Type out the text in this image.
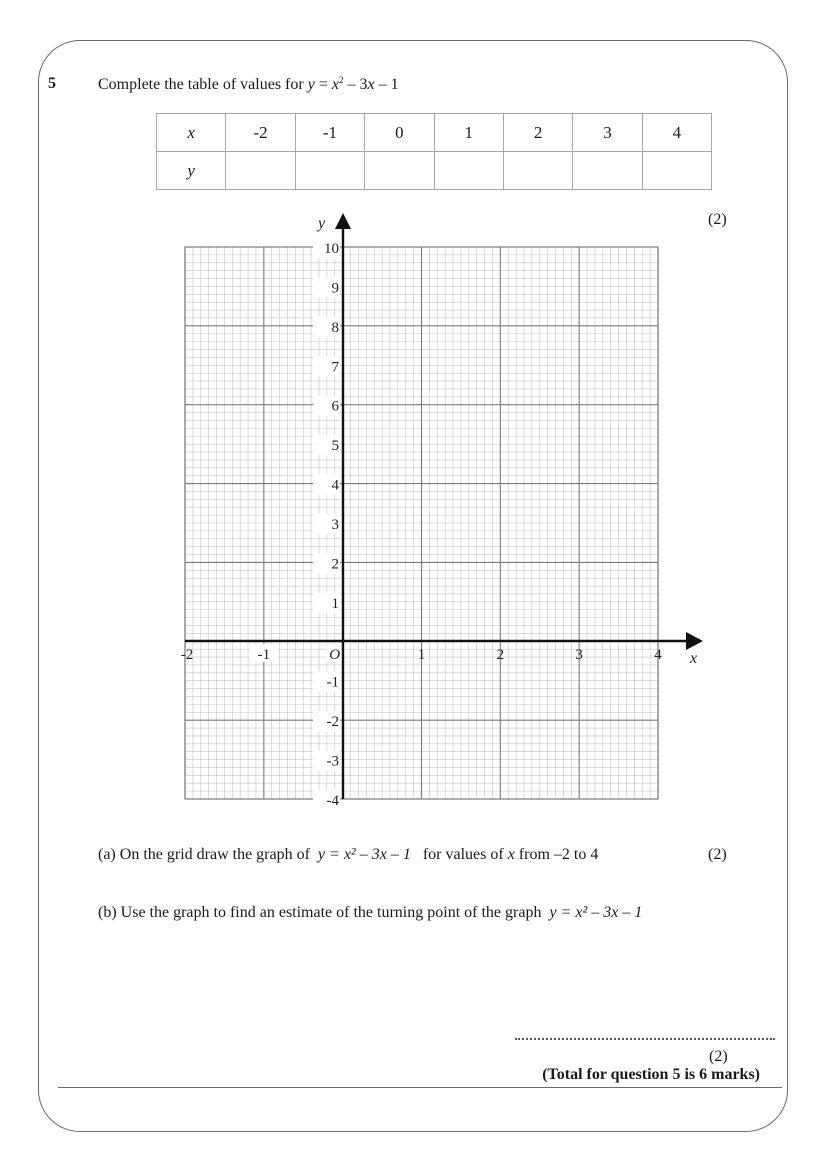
5	Complete the table of values for $y = x^2 - 3x - 1$
x	-2	-1	0	1	2	3	4
y							
(2)
10
9
8
7
6
5
4
3
2
1
-1
-2
-3
-4
-2	-1	O	1	2	3	4
y
x
(a) On the grid draw the graph of y = x² – 3x – 1 for values of x from –2 to 4	(2)
(b) Use the graph to find an estimate of the turning point of the graph y = x² – 3x – 1
(2)
(Total for question 5 is 6 marks)
